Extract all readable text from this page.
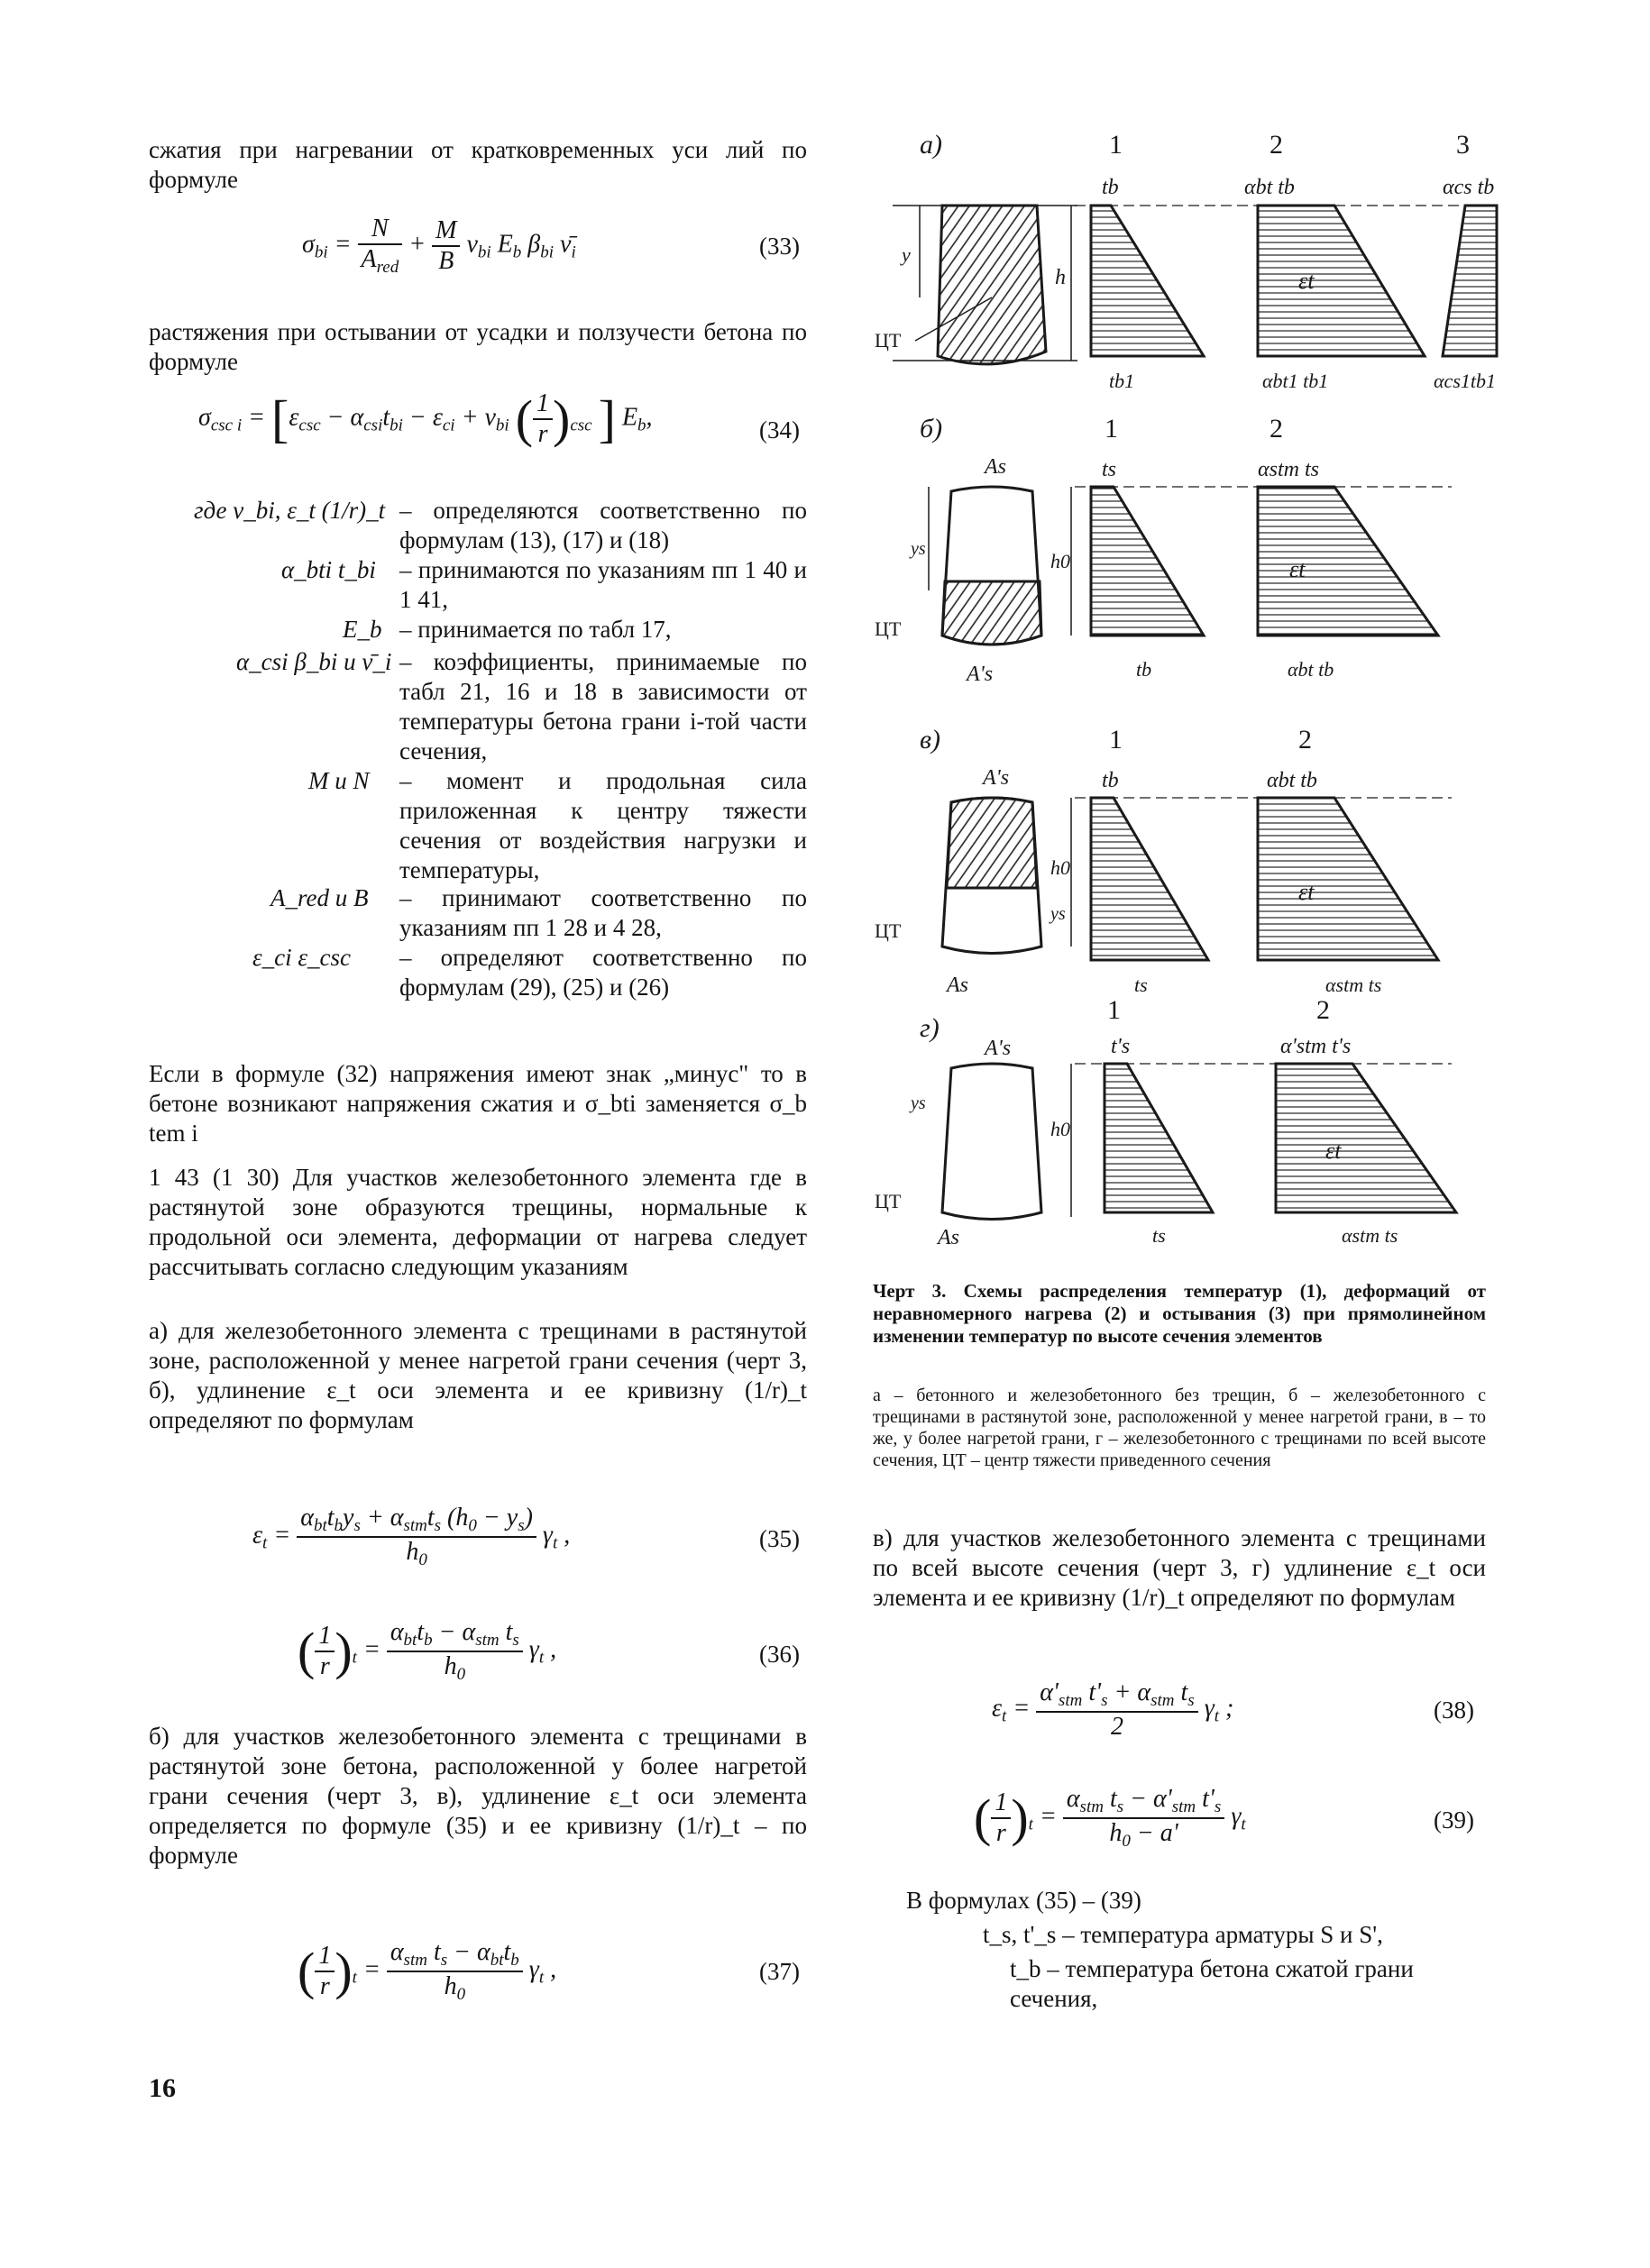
сжатия при нагревании от кратковременных уси лий по формуле
$\sigma_{bi} = \frac{N}{A_{red}} + \frac{M}{B} \nu_{bi}$ $E_b$ $\beta_{bi}$ $\nū_i$	(33)
растяжения при остывании от усадки и ползучести бетона по формуле
$\sigma_{csc i} = [\varepsilon_{csc} - \alpha_{csi}t_{bi} - \varepsilon_{ci} + \nu_{bi}$ ( $\frac{1}{r} )_{csc}$ ] $E_b$,	(34)
где ν_bi, ε_t (1/r)_t – определяются соответственно по формулам (13), (17) и (18)
α_bti t_bi – принимаются по указаниям пп 1 40 и 1 41,
E_b – принимается по табл 17,
α_csi β_bi и ν̄_i – коэффициенты, принимаемые по табл 21, 16 и 18 в зависимости от температуры бетона грани i-той части сечения,
M и N – момент и продольная сила приложенная к центру тяжести сечения от воздействия нагрузки и температуры,
A_red и B – принимают соответственно по указаниям пп 1 28 и 4 28,
ε_ci ε_csc – определяют соответственно по формулам (29), (25) и (26)
Если в формуле (32) напряжения имеют знак „минус" то в бетоне возникают напряжения сжатия и σ_bti заменяется σ_b tem i
1 43 (1 30) Для участков железобетонного элемента где в растянутой зоне образуются трещины, нормальные к продольной оси элемента, деформации от нагрева следует рассчитывать согласно следующим указаниям
а) для железобетонного элемента с трещинами в растянутой зоне, расположенной у менее нагретой грани сечения (черт 3, б), удлинение ε_t оси элемента и ее кривизну (1/r)_t определяют по формулам
$\varepsilon_t = \frac{\alpha_{bt}t_by_s + \alpha_{stm}t_s (h_0 - y_s)}{h_0} \gamma_t$ ,	(35)
( $\frac{1}{r} )_t = \frac{\alpha_{bt}t_b - \alpha_{stm} t_s}{h_0} \gamma_t$ ,	(36)
б) для участков железобетонного элемента с трещинами в растянутой зоне бетона, расположенной у более нагретой грани сечения (черт 3, в), удлинение ε_t оси элемента определяется по формуле (35) и ее кривизну (1/r)_t – по формуле
( $\frac{1}{r} )_t = \frac{\alpha_{stm} t_s - \alpha_{bt}t_b}{h_0} \gamma_t$ ,	(37)
16
а)	1	2	3
y
h
ЦТ
tb	αbt tb	αcs tb
εt
tb1	αbt1 tb1	αcs1tb1
б)	1	2
h0
ys
ЦТ
As
A's
ts	αstm ts
εt
tb	αbt tb
в)	1	2
h0
ys
ЦТ
A's
As
tb	αbt tb
εt
ts	αstm ts
г)
1	2
h0
ys
ЦТ
A's
As
t's	α'stm t's
εt
ts	αstm ts
Черт 3. Схемы распределения температур (1), деформаций от неравномерного нагрева (2) и остывания (3) при прямолинейном изменении температур по высоте сечения элементов
а – бетонного и железобетонного без трещин, б – железобетонного с трещинами в растянутой зоне, расположенной у менее нагретой грани, в – то же, у более нагретой грани, г – железобетонного с трещинами по всей высоте сечения, ЦТ – центр тяжести приведенного сечения
в) для участков железобетонного элемента с трещинами по всей высоте сечения (черт 3, г) удлинение ε_t оси элемента и ее кривизну (1/r)_t определяют по формулам
$\varepsilon_t = \frac{\alpha'_{stm} t'_s + \alpha_{stm} t_s}{2} \gamma_t$ ;	(38)
( $\frac{1}{r} )_t = \frac{\alpha_{stm} t_s - \alpha'_{stm} t'_s}{h_0 - a'} \gamma_t$	(39)
В формулах (35) – (39)
t_s, t'_s – температура арматуры S и S',
t_b – температура бетона сжатой грани сечения,
